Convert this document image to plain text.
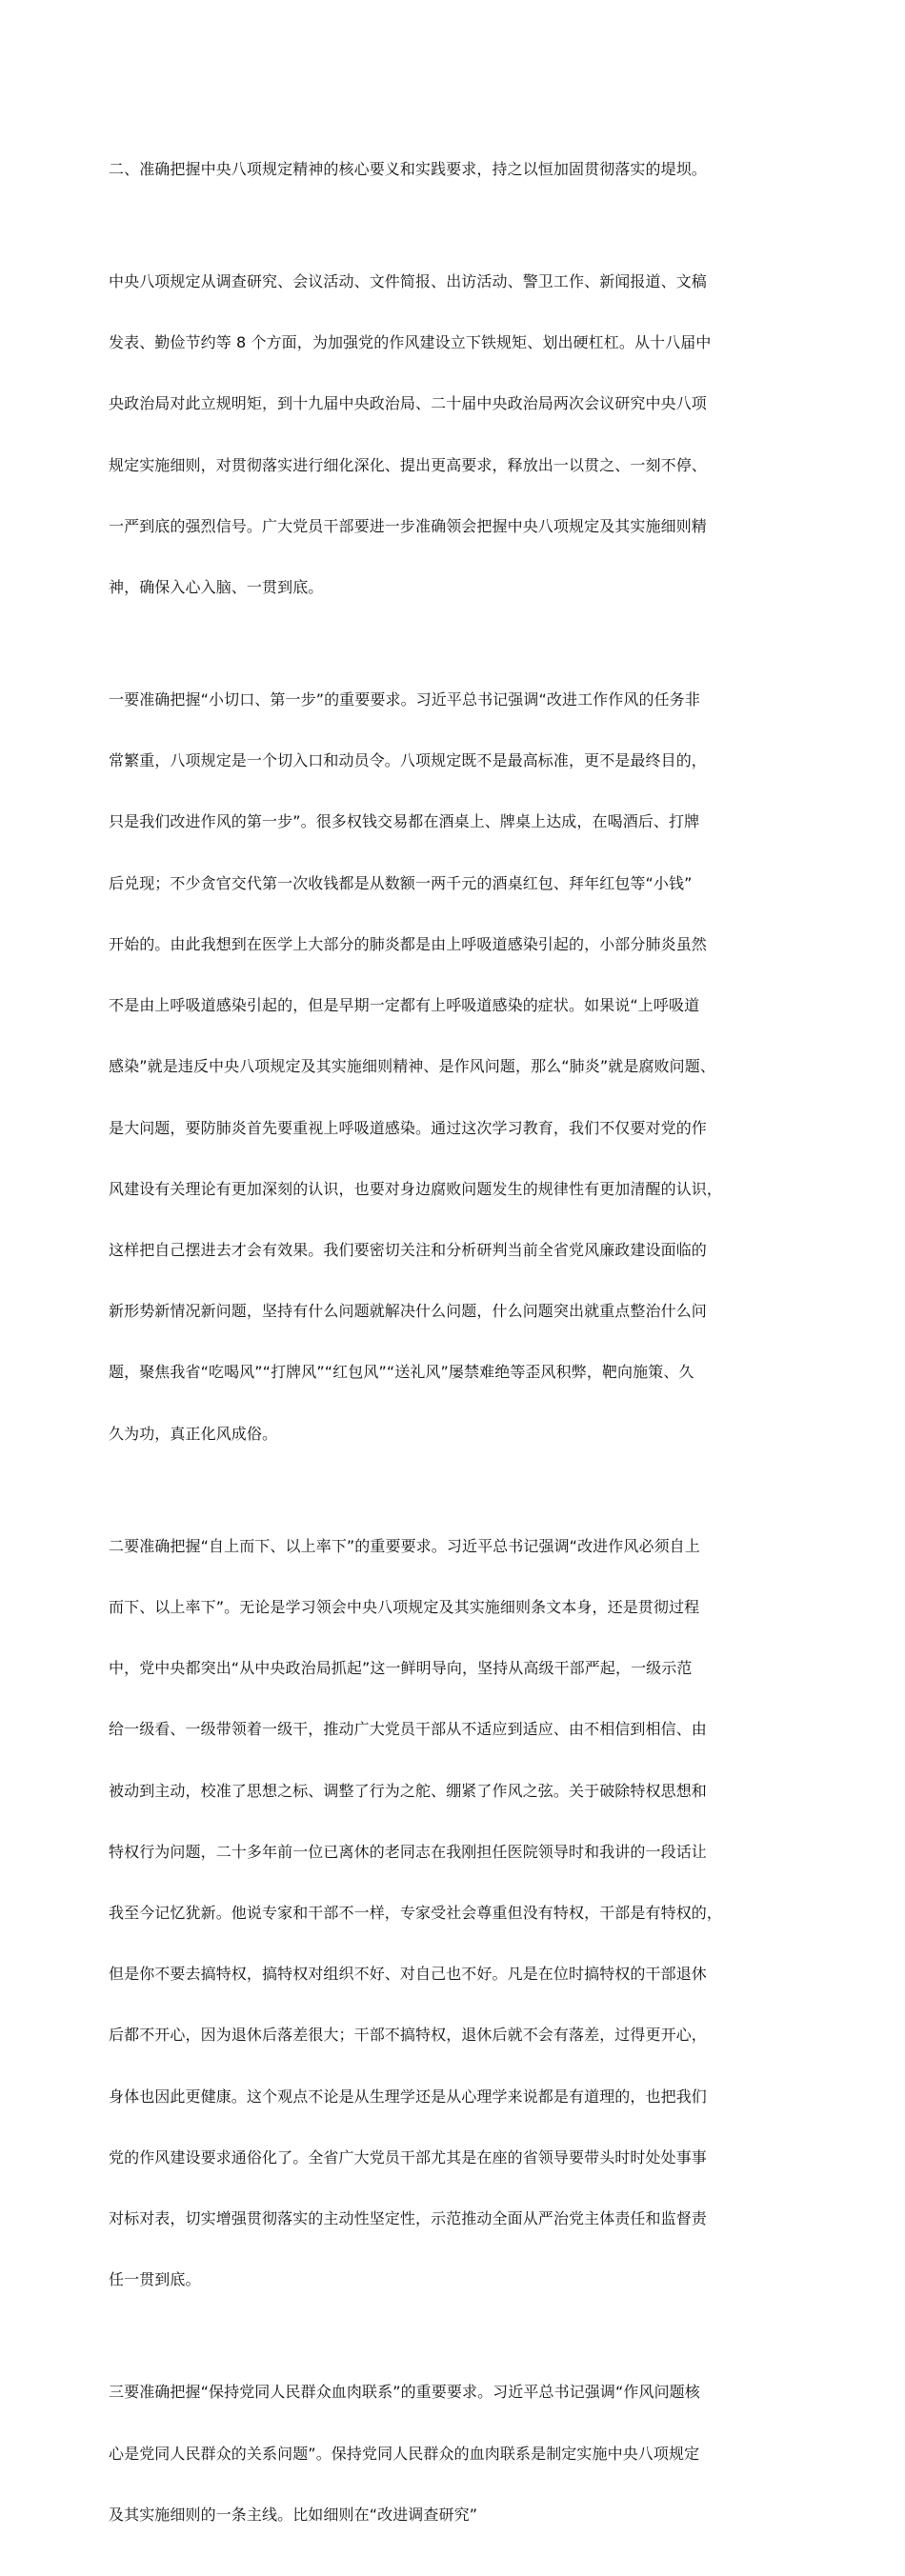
二、准确把握中央八项规定精神的核心要义和实践要求，持之以恒加固贯彻落实的堤坝。

中央八项规定从调查研究、会议活动、文件简报、出访活动、警卫工作、新闻报道、文稿

发表、勤俭节约等 8 个方面，为加强党的作风建设立下铁规矩、划出硬杠杠。从十八届中

央政治局对此立规明矩，到十九届中央政治局、二十届中央政治局两次会议研究中央八项

规定实施细则，对贯彻落实进行细化深化、提出更高要求，释放出一以贯之、一刻不停、

一严到底的强烈信号。广大党员干部要进一步准确领会把握中央八项规定及其实施细则精

神，确保入心入脑、一贯到底。

一要准确把握“小切口、第一步”的重要要求。习近平总书记强调“改进工作作风的任务非

常繁重，八项规定是一个切入口和动员令。八项规定既不是最高标准，更不是最终目的，

只是我们改进作风的第一步”。很多权钱交易都在酒桌上、牌桌上达成，在喝酒后、打牌

后兑现；不少贪官交代第一次收钱都是从数额一两千元的酒桌红包、拜年红包等“小钱”

开始的。由此我想到在医学上大部分的肺炎都是由上呼吸道感染引起的，小部分肺炎虽然

不是由上呼吸道感染引起的，但是早期一定都有上呼吸道感染的症状。如果说“上呼吸道

感染”就是违反中央八项规定及其实施细则精神、是作风问题，那么“肺炎”就是腐败问题、

是大问题，要防肺炎首先要重视上呼吸道感染。通过这次学习教育，我们不仅要对党的作

风建设有关理论有更加深刻的认识，也要对身边腐败问题发生的规律性有更加清醒的认识，

这样把自己摆进去才会有效果。我们要密切关注和分析研判当前全省党风廉政建设面临的

新形势新情况新问题，坚持有什么问题就解决什么问题，什么问题突出就重点整治什么问

题，聚焦我省“吃喝风”“打牌风”“红包风”“送礼风”屡禁难绝等歪风积弊，靶向施策、久

久为功，真正化风成俗。

二要准确把握“自上而下、以上率下”的重要要求。习近平总书记强调“改进作风必须自上

而下、以上率下”。无论是学习领会中央八项规定及其实施细则条文本身，还是贯彻过程

中，党中央都突出“从中央政治局抓起”这一鲜明导向，坚持从高级干部严起，一级示范

给一级看、一级带领着一级干，推动广大党员干部从不适应到适应、由不相信到相信、由

被动到主动，校准了思想之标、调整了行为之舵、绷紧了作风之弦。关于破除特权思想和

特权行为问题，二十多年前一位已离休的老同志在我刚担任医院领导时和我讲的一段话让

我至今记忆犹新。他说专家和干部不一样，专家受社会尊重但没有特权，干部是有特权的，

但是你不要去搞特权，搞特权对组织不好、对自己也不好。凡是在位时搞特权的干部退休

后都不开心，因为退休后落差很大；干部不搞特权，退休后就不会有落差，过得更开心，

身体也因此更健康。这个观点不论是从生理学还是从心理学来说都是有道理的，也把我们

党的作风建设要求通俗化了。全省广大党员干部尤其是在座的省领导要带头时时处处事事

对标对表，切实增强贯彻落实的主动性坚定性，示范推动全面从严治党主体责任和监督责

任一贯到底。

三要准确把握“保持党同人民群众血肉联系”的重要要求。习近平总书记强调“作风问题核

心是党同人民群众的关系问题”。保持党同人民群众的血肉联系是制定实施中央八项规定

及其实施细则的一条主线。比如细则在“改进调查研究”
